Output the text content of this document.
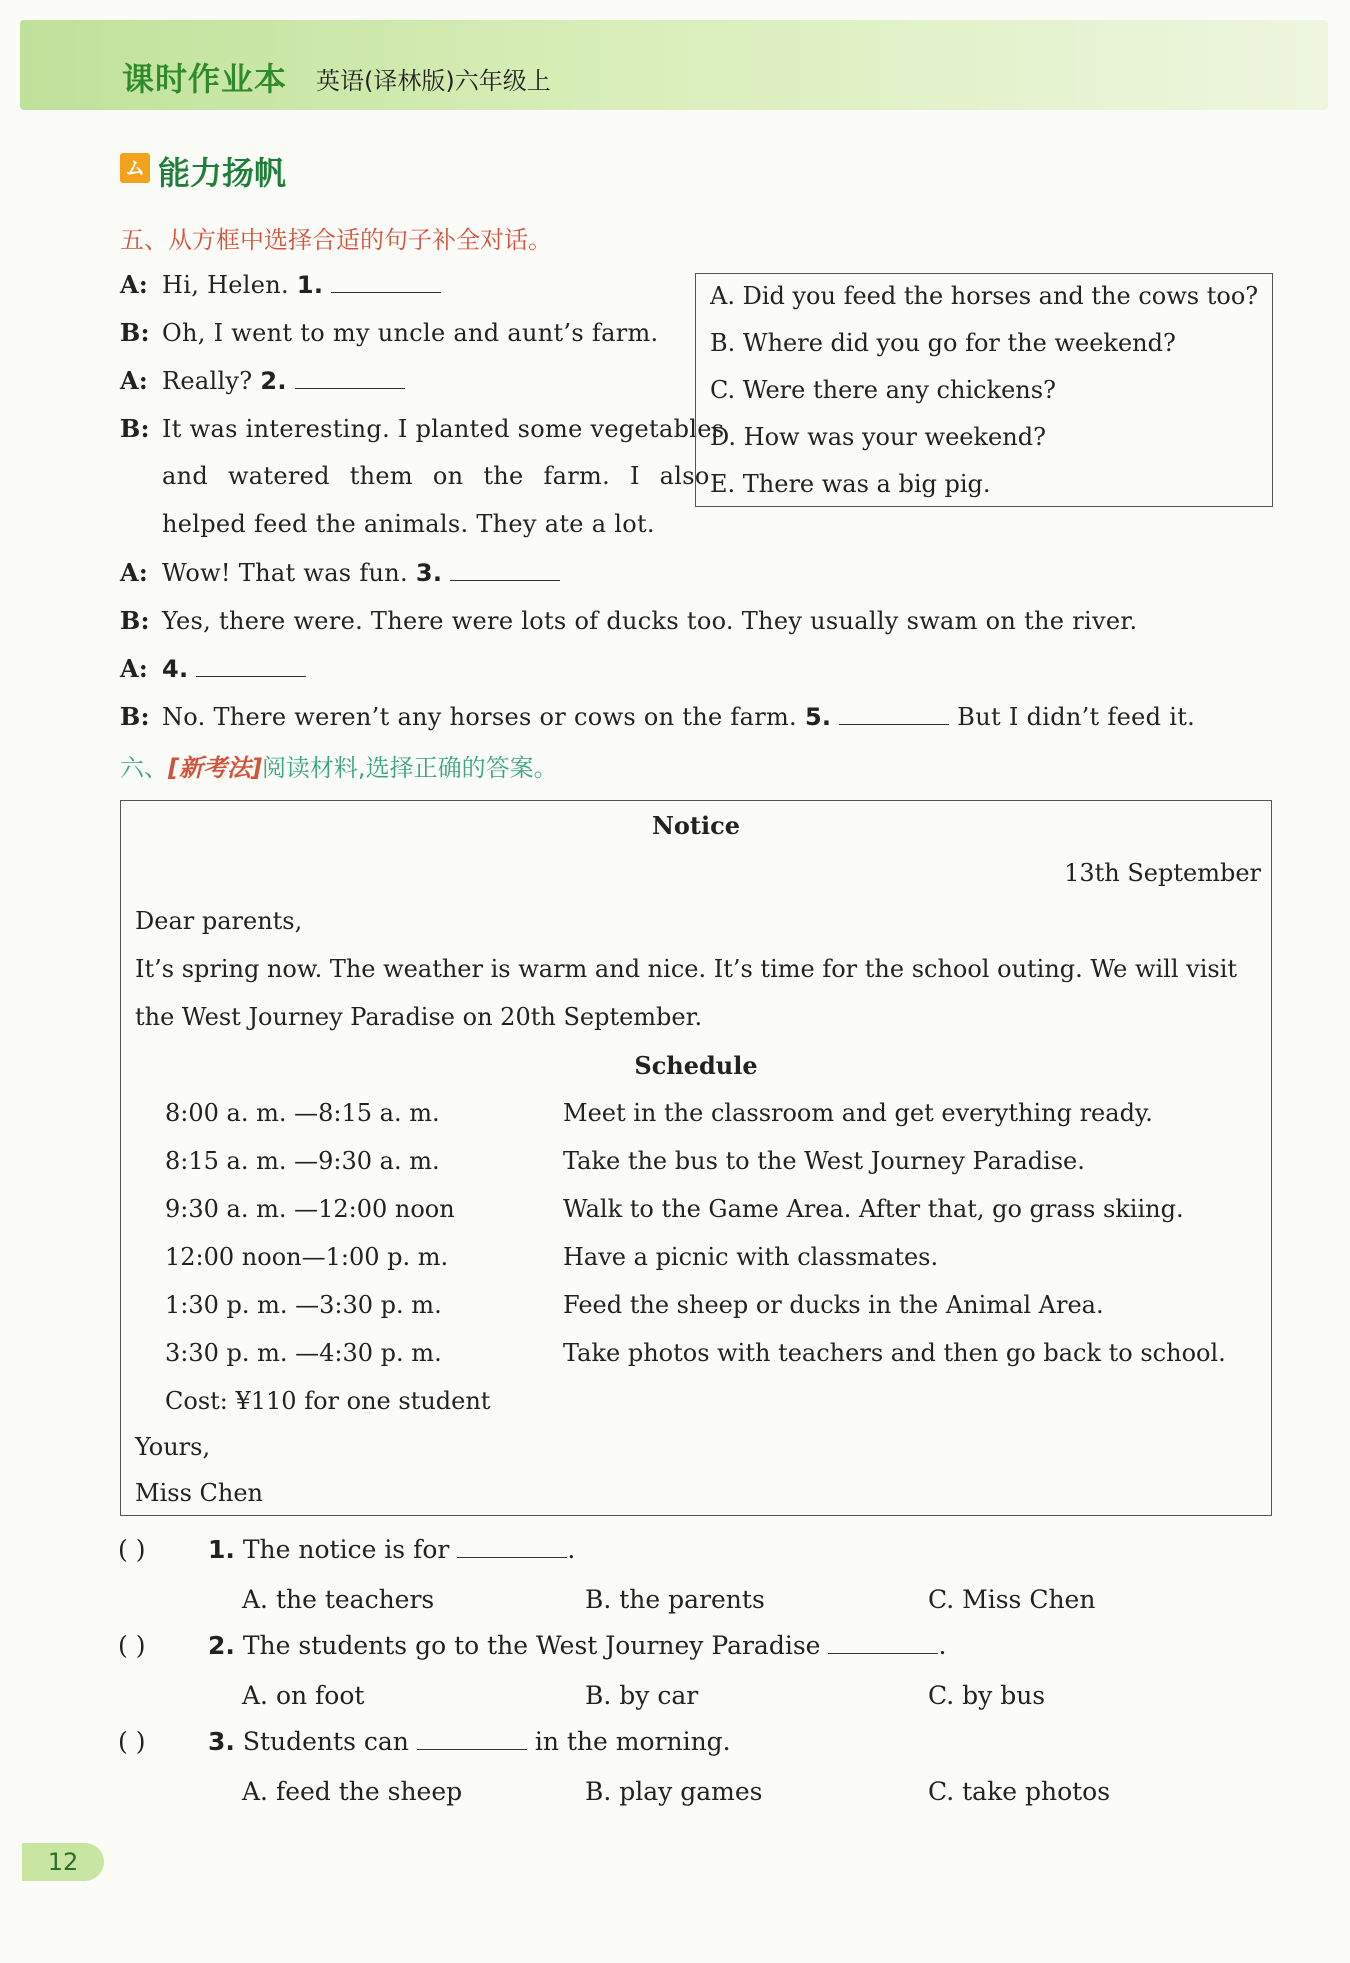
课时作业本 英语(译林版)六年级上
ム 能力扬帆
五、从方框中选择合适的句子补全对话。
A: Hi, Helen. 1.
B: Oh, I went to my uncle and aunt’s farm.
A: Really? 2.
B: It was interesting. I planted some vegetables
and watered them on the farm. I also
helped feed the animals. They ate a lot.
A: Wow! That was fun. 3.
B: Yes, there were. There were lots of ducks too. They usually swam on the river.
A: 4.
B: No. There weren’t any horses or cows on the farm. 5.	But I didn’t feed it.
A. Did you feed the horses and the cows too?
B. Where did you go for the weekend?
C. Were there any chickens?
D. How was your weekend?
E. There was a big pig.
六、[新考法]阅读材料,选择正确的答案。
Notice
13th September
Dear parents,
It’s spring now. The weather is warm and nice. It’s time for the school outing. We will visit
the West Journey Paradise on 20th September.
Schedule
8:00 a. m. —8:15 a. m.	Meet in the classroom and get everything ready.
8:15 a. m. —9:30 a. m.	Take the bus to the West Journey Paradise.
9:30 a. m. —12:00 noon	Walk to the Game Area. After that, go grass skiing.
12:00 noon—1:00 p. m.	Have a picnic with classmates.
1:30 p. m. —3:30 p. m.	Feed the sheep or ducks in the Animal Area.
3:30 p. m. —4:30 p. m.	Take photos with teachers and then go back to school.
Cost: ¥110 for one student
Yours,
Miss Chen
( )	1. The notice is for	.
A. the teachers	B. the parents	C. Miss Chen
( )	2. The students go to the West Journey Paradise	.
A. on foot	B. by car	C. by bus
( )	3. Students can	in the morning.
A. feed the sheep	B. play games	C. take photos
12
